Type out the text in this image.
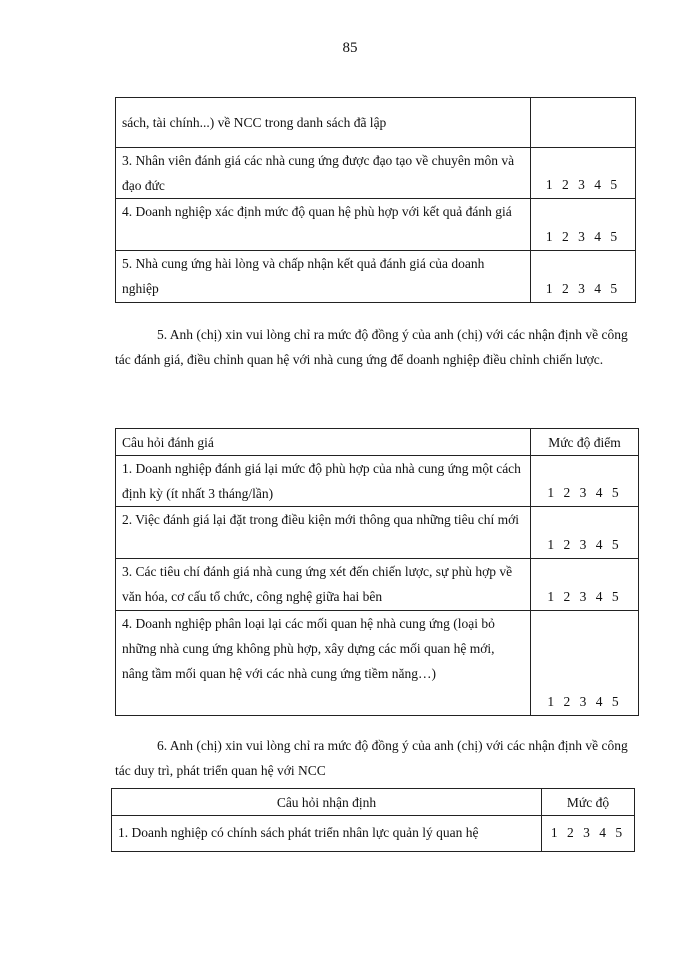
85
sách, tài chính...) về NCC trong danh sách đã lập	
3. Nhân viên đánh giá các nhà cung ứng được đạo tạo về chuyên môn và đạo đức	1 2 3 4 5
4. Doanh nghiệp xác định mức độ quan hệ phù hợp với kết quả đánh giá	1 2 3 4 5
5. Nhà cung ứng hài lòng và chấp nhận kết quả đánh giá của doanh nghiệp	1 2 3 4 5

5. Anh (chị) xin vui lòng chỉ ra mức độ đồng ý của anh (chị) với các nhận định về công tác đánh giá, điều chỉnh quan hệ với nhà cung ứng để doanh nghiệp điều chỉnh chiến lược.

Câu hỏi đánh giá	Mức độ điểm
1. Doanh nghiệp đánh giá lại mức độ phù hợp của nhà cung ứng một cách định kỳ (ít nhất 3 tháng/lần)	1 2 3 4 5
2. Việc đánh giá lại đặt trong điều kiện mới thông qua những tiêu chí mới	1 2 3 4 5
3. Các tiêu chí đánh giá nhà cung ứng xét đến chiến lược, sự phù hợp về văn hóa, cơ cấu tổ chức, công nghệ giữa hai bên	1 2 3 4 5
4. Doanh nghiệp phân loại lại các mối quan hệ nhà cung ứng (loại bỏ những nhà cung ứng không phù hợp, xây dựng các mối quan hệ mới, nâng tầm mối quan hệ với các nhà cung ứng tiềm năng…)	1 2 3 4 5

6. Anh (chị) xin vui lòng chỉ ra mức độ đồng ý của anh (chị) với các nhận định về công tác duy trì, phát triển quan hệ với NCC

Câu hỏi nhận định	Mức độ
1. Doanh nghiệp có chính sách phát triển nhân lực quản lý quan hệ	1 2 3 4 5
